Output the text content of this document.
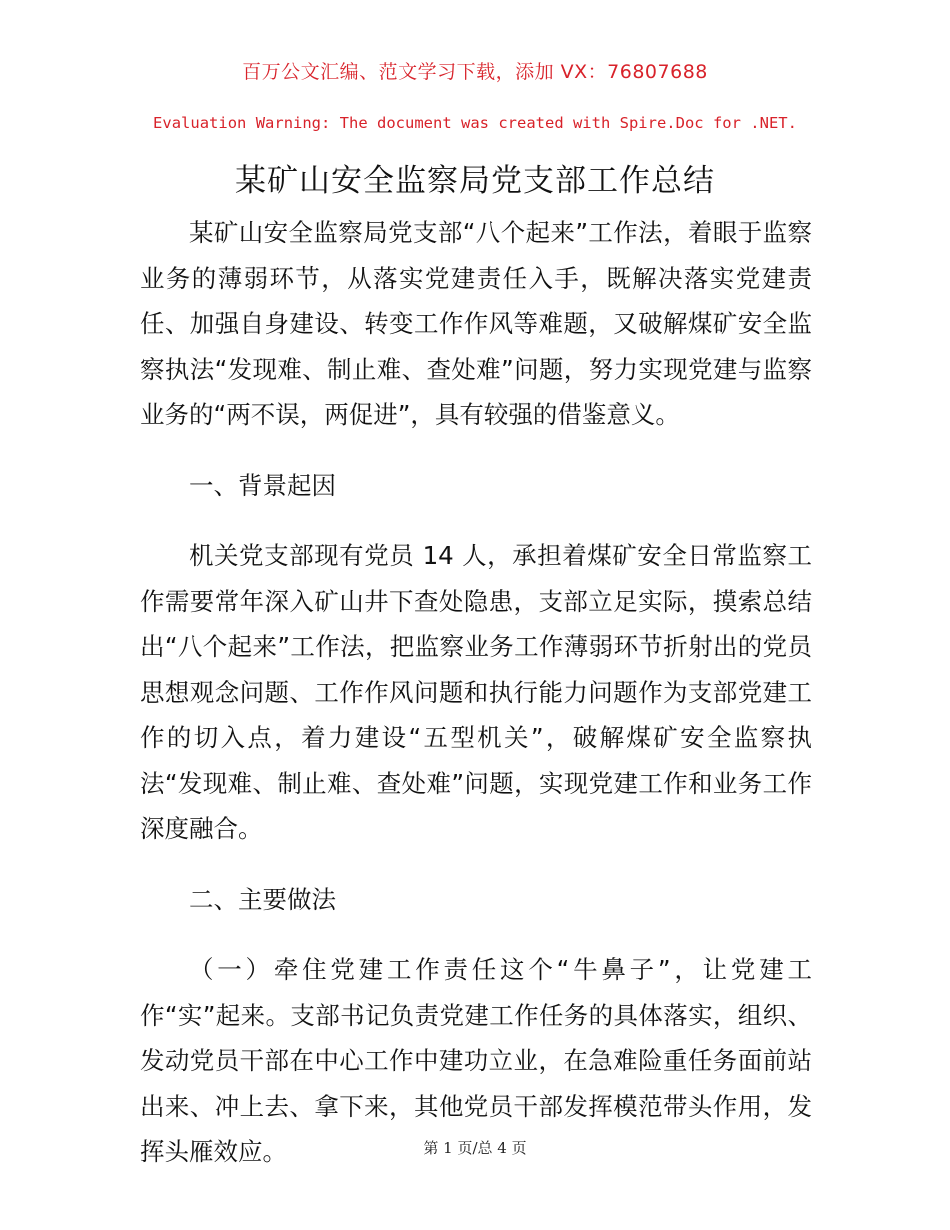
百万公文汇编、范文学习下载，添加 VX：76807688
Evaluation Warning: The document was created with Spire.Doc for .NET.
某矿山安全监察局党支部工作总结

某矿山安全监察局党支部“八个起来”工作法，着眼于监察业务的薄弱环节，从落实党建责任入手，既解决落实党建责任、加强自身建设、转变工作作风等难题，又破解煤矿安全监察执法“发现难、制止难、查处难”问题，努力实现党建与监察业务的“两不误，两促进”，具有较强的借鉴意义。

一、背景起因

机关党支部现有党员 14 人，承担着煤矿安全日常监察工作需要常年深入矿山井下查处隐患，支部立足实际，摸索总结出“八个起来”工作法，把监察业务工作薄弱环节折射出的党员思想观念问题、工作作风问题和执行能力问题作为支部党建工作的切入点，着力建设“五型机关”，破解煤矿安全监察执法“发现难、制止难、查处难”问题，实现党建工作和业务工作深度融合。

二、主要做法

（一）牵住党建工作责任这个“牛鼻子”，让党建工作“实”起来。支部书记负责党建工作任务的具体落实，组织、发动党员干部在中心工作中建功立业，在急难险重任务面前站出来、冲上去、拿下来，其他党员干部发挥模范带头作用，发挥头雁效应。	第 1 页/总 4 页
